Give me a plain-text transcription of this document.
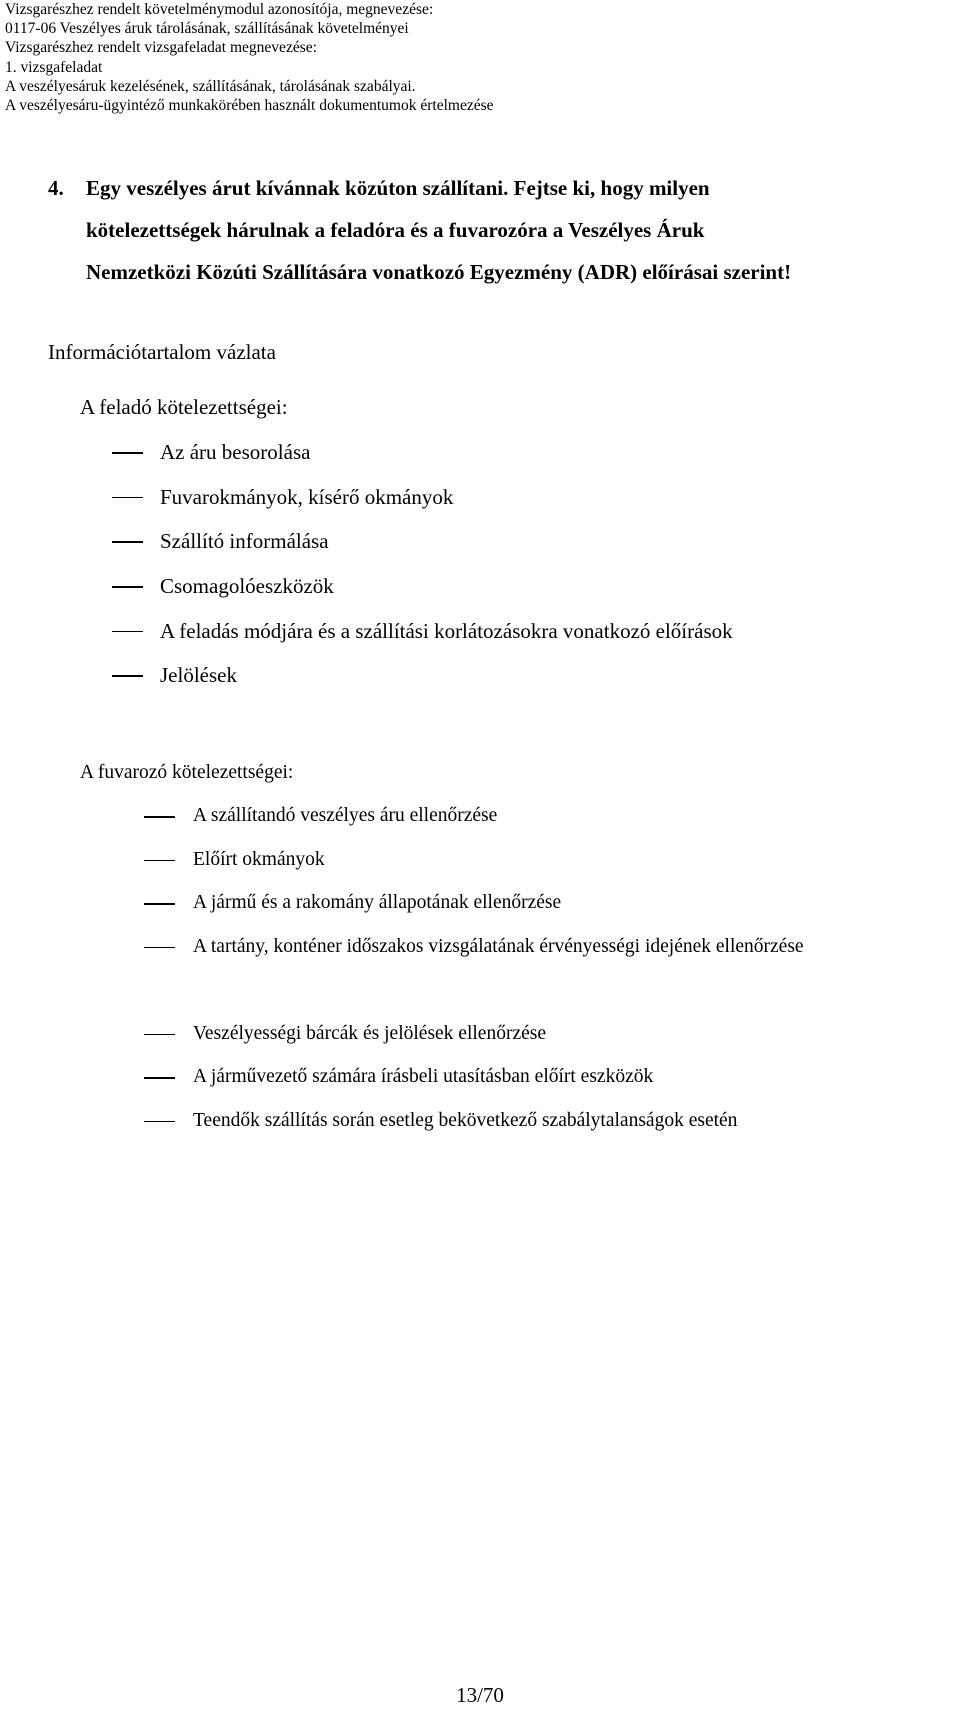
Vizsgarészhez rendelt követelménymodul azonosítója, megnevezése:
0117-06 Veszélyes áruk tárolásának, szállításának követelményei
Vizsgarészhez rendelt vizsgafeladat megnevezése:
1. vizsgafeladat
A veszélyesáruk kezelésének, szállításának, tárolásának szabályai.
A veszélyesáru-ügyintéző munkakörében használt dokumentumok értelmezése
4. Egy veszélyes árut kívánnak közúton szállítani. Fejtse ki, hogy milyen
kötelezettségek hárulnak a feladóra és a fuvarozóra a Veszélyes Áruk
Nemzetközi Közúti Szállítására vonatkozó Egyezmény (ADR) előírásai szerint!
Információtartalom vázlata
A feladó kötelezettségei:
Az áru besorolása
Fuvarokmányok, kísérő okmányok
Szállító informálása
Csomagolóeszközök
A feladás módjára és a szállítási korlátozásokra vonatkozó előírások
Jelölések
A fuvarozó kötelezettségei:
A szállítandó veszélyes áru ellenőrzése
Előírt okmányok
A jármű és a rakomány állapotának ellenőrzése
A tartány, konténer időszakos vizsgálatának érvényességi idejének ellenőrzése
Veszélyességi bárcák és jelölések ellenőrzése
A járművezető számára írásbeli utasításban előírt eszközök
Teendők szállítás során esetleg bekövetkező szabálytalanságok esetén
13/70
